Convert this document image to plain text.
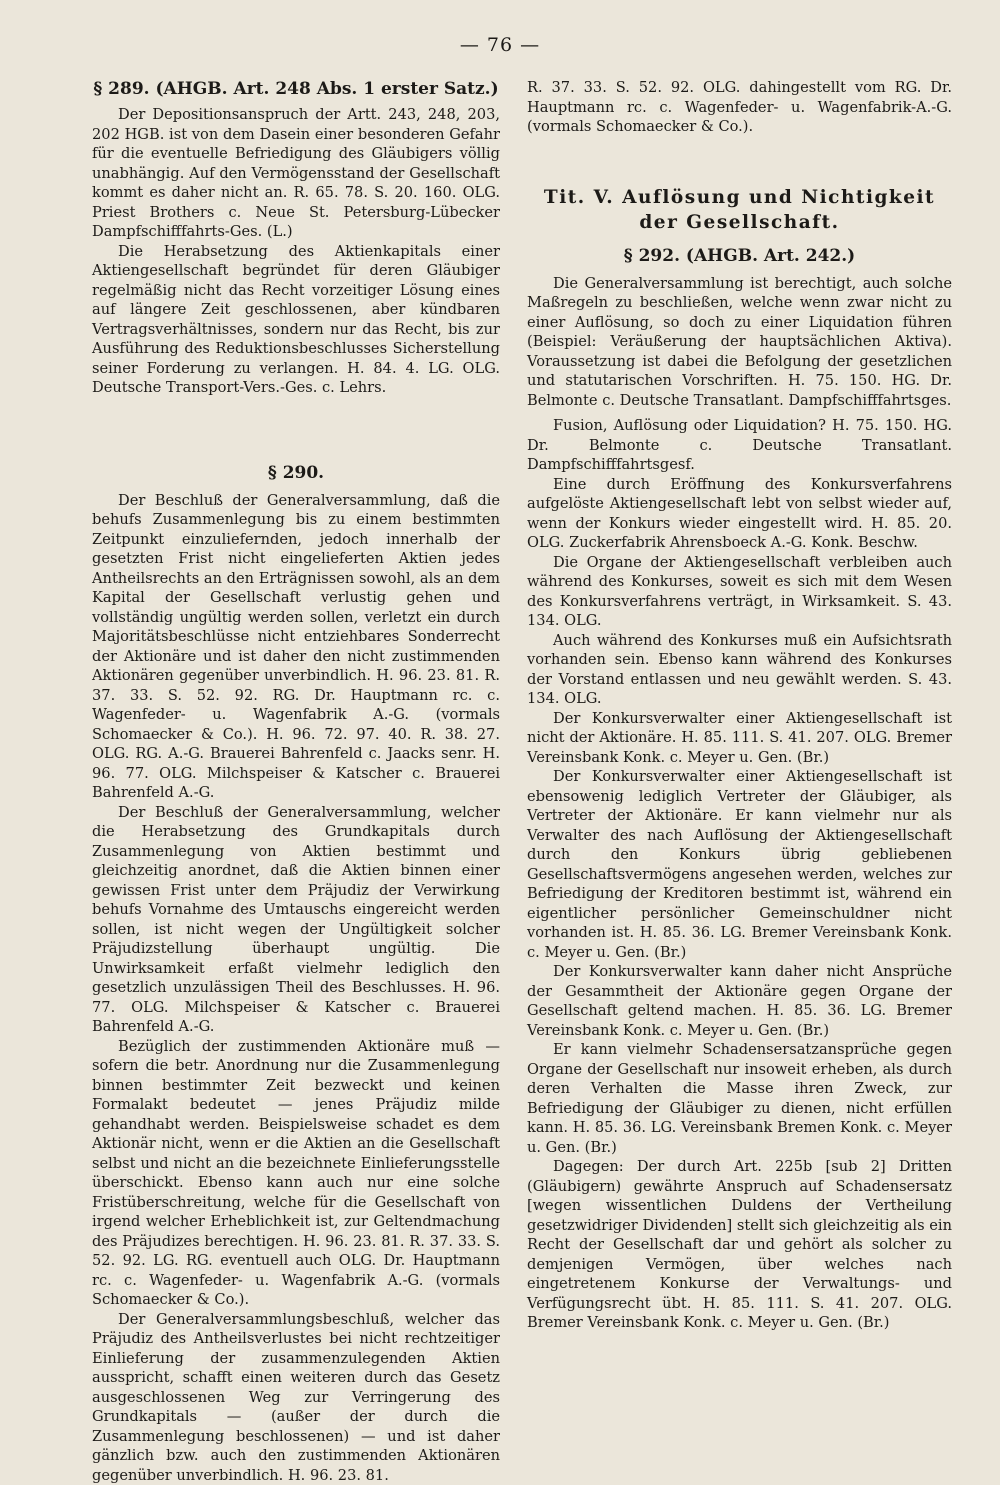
— 76 —
§ 289. (AHGB. Art. 248 Abs. 1 erster Satz.)

Der Depositionsanspruch der Artt. 243, 248, 203, 202 HGB. ist von dem Dasein einer besonderen Gefahr für die eventuelle Befriedigung des Gläubigers völlig unabhängig. Auf den Vermögensstand der Gesellschaft kommt es daher nicht an. R. 65. 78. S. 20. 160. OLG. Priest Brothers c. Neue St. Petersburg-Lübecker Dampfschifffahrts-Ges. (L.)

Die Herabsetzung des Aktienkapitals einer Aktiengesellschaft begründet für deren Gläubiger regelmäßig nicht das Recht vorzeitiger Lösung eines auf längere Zeit geschlossenen, aber kündbaren Vertragsverhältnisses, sondern nur das Recht, bis zur Ausführung des Reduktionsbeschlusses Sicherstellung seiner Forderung zu verlangen. H. 84. 4. LG. OLG. Deutsche Transport-Vers.-Ges. c. Lehrs.

§ 290.

Der Beschluß der Generalversammlung, daß die behufs Zusammenlegung bis zu einem bestimmten Zeitpunkt einzuliefernden, jedoch innerhalb der gesetzten Frist nicht eingelieferten Aktien jedes Antheilsrechts an den Erträgnissen sowohl, als an dem Kapital der Gesellschaft verlustig gehen und vollständig ungültig werden sollen, verletzt ein durch Majoritätsbeschlüsse nicht entziehbares Sonderrecht der Aktionäre und ist daher den nicht zustimmenden Aktionären gegenüber unverbindlich. H. 96. 23. 81. R. 37. 33. S. 52. 92. RG. Dr. Hauptmann rc. c. Wagenfeder- u. Wagenfabrik A.-G. (vormals Schomaecker & Co.). H. 96. 72. 97. 40. R. 38. 27. OLG. RG. A.-G. Brauerei Bahrenfeld c. Jaacks senr. H. 96. 77. OLG. Milchspeiser & Katscher c. Brauerei Bahrenfeld A.-G.

Der Beschluß der Generalversammlung, welcher die Herabsetzung des Grundkapitals durch Zusammenlegung von Aktien bestimmt und gleichzeitig anordnet, daß die Aktien binnen einer gewissen Frist unter dem Präjudiz der Verwirkung behufs Vornahme des Umtauschs eingereicht werden sollen, ist nicht wegen der Ungültigkeit solcher Präjudizstellung überhaupt ungültig. Die Unwirksamkeit erfaßt vielmehr lediglich den gesetzlich unzulässigen Theil des Beschlusses. H. 96. 77. OLG. Milchspeiser & Katscher c. Brauerei Bahrenfeld A.-G.

Bezüglich der zustimmenden Aktionäre muß — sofern die betr. Anordnung nur die Zusammenlegung binnen bestimmter Zeit bezweckt und keinen Formalakt bedeutet — jenes Präjudiz milde gehandhabt werden. Beispielsweise schadet es dem Aktionär nicht, wenn er die Aktien an die Gesellschaft selbst und nicht an die bezeichnete Einlieferungsstelle überschickt. Ebenso kann auch nur eine solche Fristüberschreitung, welche für die Gesellschaft von irgend welcher Erheblichkeit ist, zur Geltendmachung des Präjudizes berechtigen. H. 96. 23. 81. R. 37. 33. S. 52. 92. LG. RG. eventuell auch OLG. Dr. Hauptmann rc. c. Wagenfeder- u. Wagenfabrik A.-G. (vormals Schomaecker & Co.).

Der Generalversammlungsbeschluß, welcher das Präjudiz des Antheilsverlustes bei nicht rechtzeitiger Einlieferung der zusammenzulegenden Aktien ausspricht, schafft einen weiteren durch das Gesetz ausgeschlossenen Weg zur Verringerung des Grundkapitals — (außer der durch die Zusammenlegung beschlossenen) — und ist daher gänzlich bzw. auch den zustimmenden Aktionären gegenüber unverbindlich. H. 96. 23. 81.

R. 37. 33. S. 52. 92. OLG. dahingestellt vom RG. Dr. Hauptmann rc. c. Wagenfeder- u. Wagenfabrik-A.-G. (vormals Schomaecker & Co.).

Tit. V. Auflösung und Nichtigkeit der Gesellschaft.
§ 292. (AHGB. Art. 242.)

Die Generalversammlung ist berechtigt, auch solche Maßregeln zu beschließen, welche wenn zwar nicht zu einer Auflösung, so doch zu einer Liquidation führen (Beispiel: Veräußerung der hauptsächlichen Aktiva). Voraussetzung ist dabei die Befolgung der gesetzlichen und statutarischen Vorschriften. H. 75. 150. HG. Dr. Belmonte c. Deutsche Transatlant. Dampfschifffahrtsges.

Fusion, Auflösung oder Liquidation? H. 75. 150. HG. Dr. Belmonte c. Deutsche Transatlant. Dampfschifffahrtsgesf.

Eine durch Eröffnung des Konkursverfahrens aufgelöste Aktiengesellschaft lebt von selbst wieder auf, wenn der Konkurs wieder eingestellt wird. H. 85. 20. OLG. Zuckerfabrik Ahrensboeck A.-G. Konk. Beschw.

Die Organe der Aktiengesellschaft verbleiben auch während des Konkurses, soweit es sich mit dem Wesen des Konkursverfahrens verträgt, in Wirksamkeit. S. 43. 134. OLG.

Auch während des Konkurses muß ein Aufsichtsrath vorhanden sein. Ebenso kann während des Konkurses der Vorstand entlassen und neu gewählt werden. S. 43. 134. OLG.

Der Konkursverwalter einer Aktiengesellschaft ist nicht der Aktionäre. H. 85. 111. S. 41. 207. OLG. Bremer Vereinsbank Konk. c. Meyer u. Gen. (Br.)

Der Konkursverwalter einer Aktiengesellschaft ist ebensowenig lediglich Vertreter der Gläubiger, als Vertreter der Aktionäre. Er kann vielmehr nur als Verwalter des nach Auflösung der Aktiengesellschaft durch den Konkurs übrig gebliebenen Gesellschaftsvermögens angesehen werden, welches zur Befriedigung der Kreditoren bestimmt ist, während ein eigentlicher persönlicher Gemeinschuldner nicht vorhanden ist. H. 85. 36. LG. Bremer Vereinsbank Konk. c. Meyer u. Gen. (Br.)

Der Konkursverwalter kann daher nicht Ansprüche der Gesammtheit der Aktionäre gegen Organe der Gesellschaft geltend machen. H. 85. 36. LG. Bremer Vereinsbank Konk. c. Meyer u. Gen. (Br.)

Er kann vielmehr Schadensersatzansprüche gegen Organe der Gesellschaft nur insoweit erheben, als durch deren Verhalten die Masse ihren Zweck, zur Befriedigung der Gläubiger zu dienen, nicht erfüllen kann. H. 85. 36. LG. Vereinsbank Bremen Konk. c. Meyer u. Gen. (Br.)

Dagegen: Der durch Art. 225b [sub 2] Dritten (Gläubigern) gewährte Anspruch auf Schadensersatz [wegen wissentlichen Duldens der Vertheilung gesetzwidriger Dividenden] stellt sich gleichzeitig als ein Recht der Gesellschaft dar und gehört als solcher zu demjenigen Vermögen, über welches nach eingetretenem Konkurse der Verwaltungs- und Verfügungsrecht übt. H. 85. 111. S. 41. 207. OLG. Bremer Vereinsbank Konk. c. Meyer u. Gen. (Br.)
